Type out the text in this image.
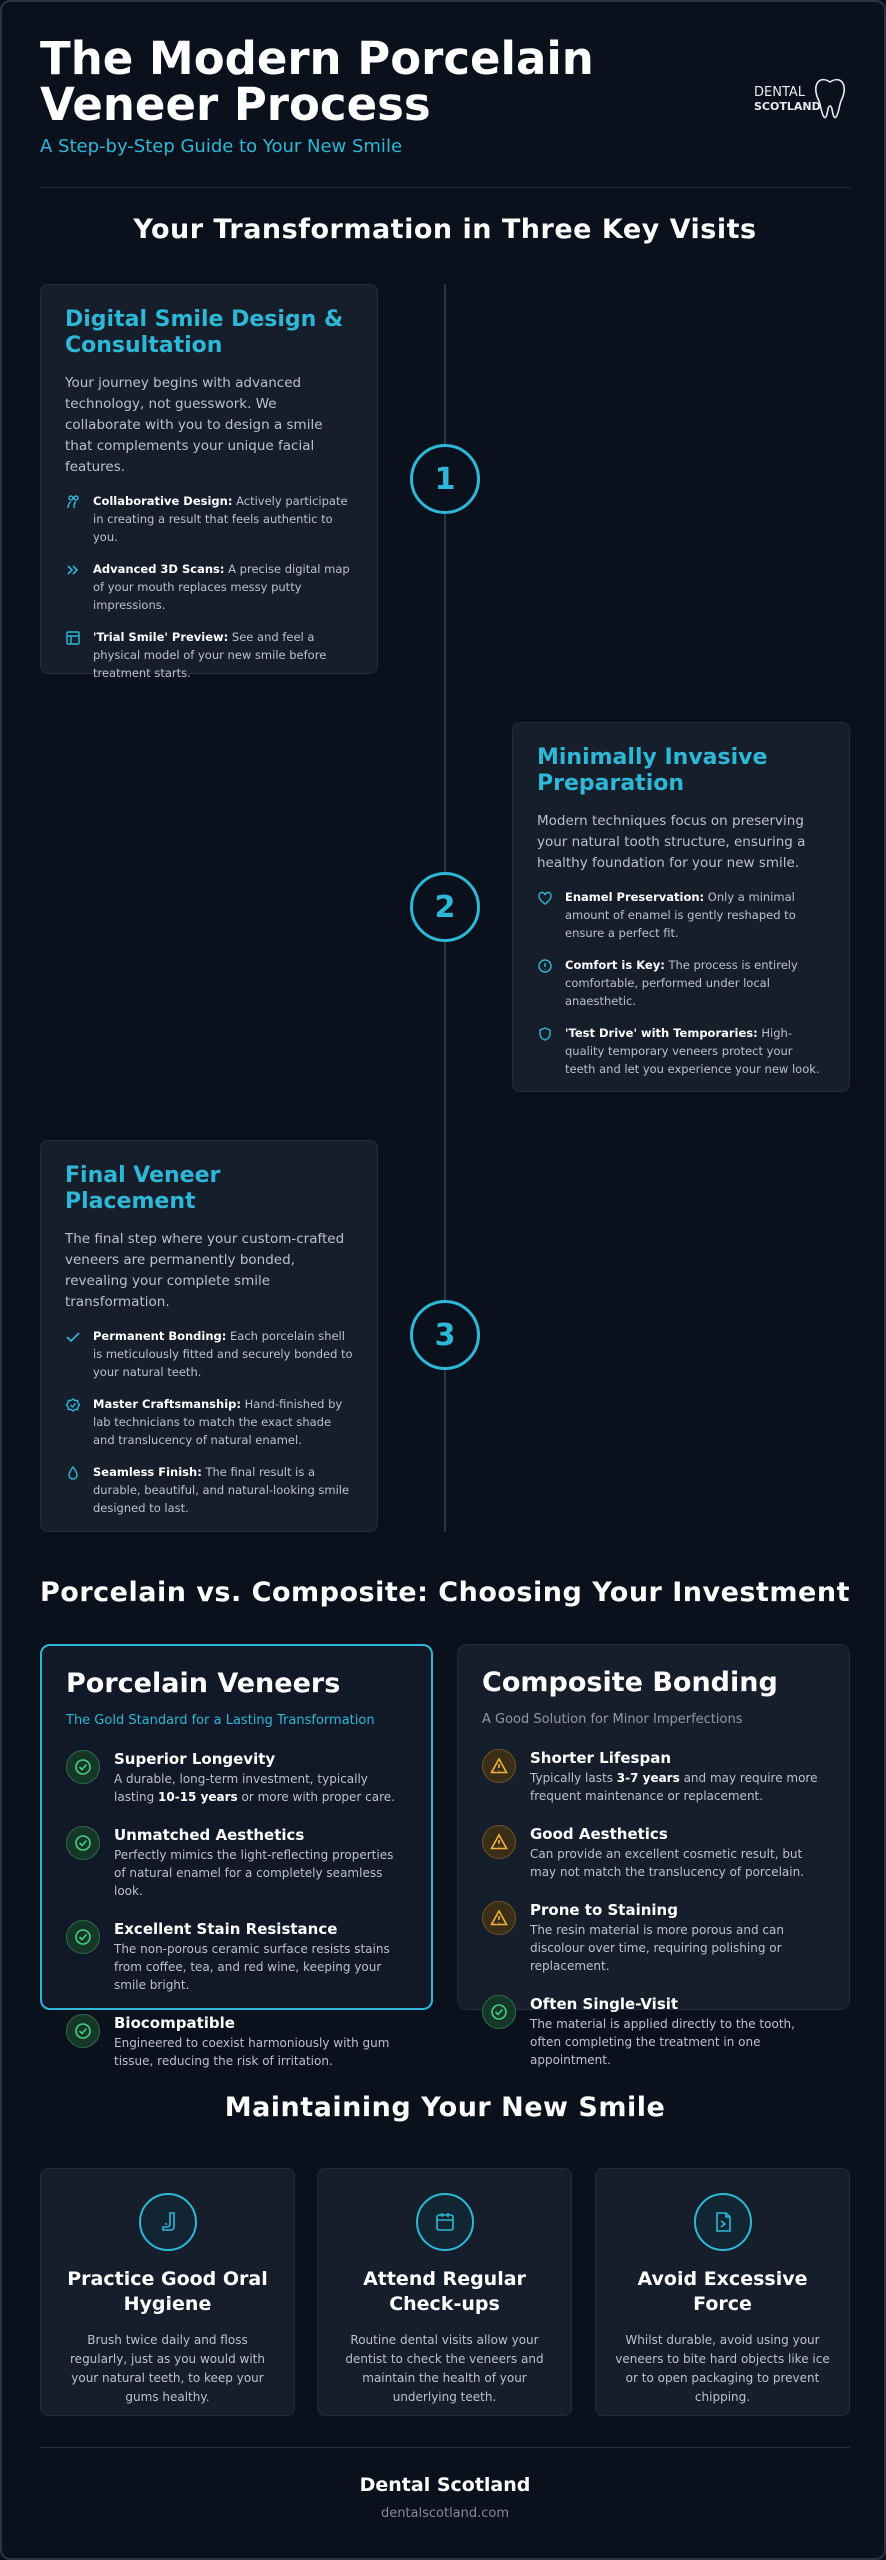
The Modern Porcelain Veneer Process
A Step-by-Step Guide to Your New Smile
DENTAL
SCOTLAND
Your Transformation in Three Key Visits
Digital Smile Design & Consultation

Your journey begins with advanced technology, not guesswork. We collaborate with you to design a smile that complements your unique facial features.

Collaborative Design: Actively participate in creating a result that feels authentic to you.
Advanced 3D Scans: A precise digital map of your mouth replaces messy putty impressions.
'Trial Smile' Preview: See and feel a physical model of your new smile before treatment starts.
1
Minimally Invasive Preparation

Modern techniques focus on preserving your natural tooth structure, ensuring a healthy foundation for your new smile.

Enamel Preservation: Only a minimal amount of enamel is gently reshaped to ensure a perfect fit.
Comfort is Key: The process is entirely comfortable, performed under local anaesthetic.
'Test Drive' with Temporaries: High-quality temporary veneers protect your teeth and let you experience your new look.
2
Final Veneer Placement

The final step where your custom-crafted veneers are permanently bonded, revealing your complete smile transformation.

Permanent Bonding: Each porcelain shell is meticulously fitted and securely bonded to your natural teeth.
Master Craftsmanship: Hand-finished by lab technicians to match the exact shade and translucency of natural enamel.
Seamless Finish: The final result is a durable, beautiful, and natural-looking smile designed to last.
3
Porcelain vs. Composite: Choosing Your Investment
Porcelain Veneers
The Gold Standard for a Lasting Transformation
Superior Longevity
A durable, long-term investment, typically lasting 10-15 years or more with proper care.
Unmatched Aesthetics
Perfectly mimics the light-reflecting properties of natural enamel for a completely seamless look.
Excellent Stain Resistance
The non-porous ceramic surface resists stains from coffee, tea, and red wine, keeping your smile bright.
Biocompatible
Engineered to coexist harmoniously with gum tissue, reducing the risk of irritation.
Composite Bonding
A Good Solution for Minor Imperfections
Shorter Lifespan
Typically lasts 3-7 years and may require more frequent maintenance or replacement.
Good Aesthetics
Can provide an excellent cosmetic result, but may not match the translucency of porcelain.
Prone to Staining
The resin material is more porous and can discolour over time, requiring polishing or replacement.
Often Single-Visit
The material is applied directly to the tooth, often completing the treatment in one appointment.
Maintaining Your New Smile
Practice Good Oral Hygiene

Brush twice daily and floss regularly, just as you would with your natural teeth, to keep your gums healthy.

Attend Regular Check-ups

Routine dental visits allow your dentist to check the veneers and maintain the health of your underlying teeth.

Avoid Excessive Force

Whilst durable, avoid using your veneers to bite hard objects like ice or to open packaging to prevent chipping.

Dental Scotland
dentalscotland.com
